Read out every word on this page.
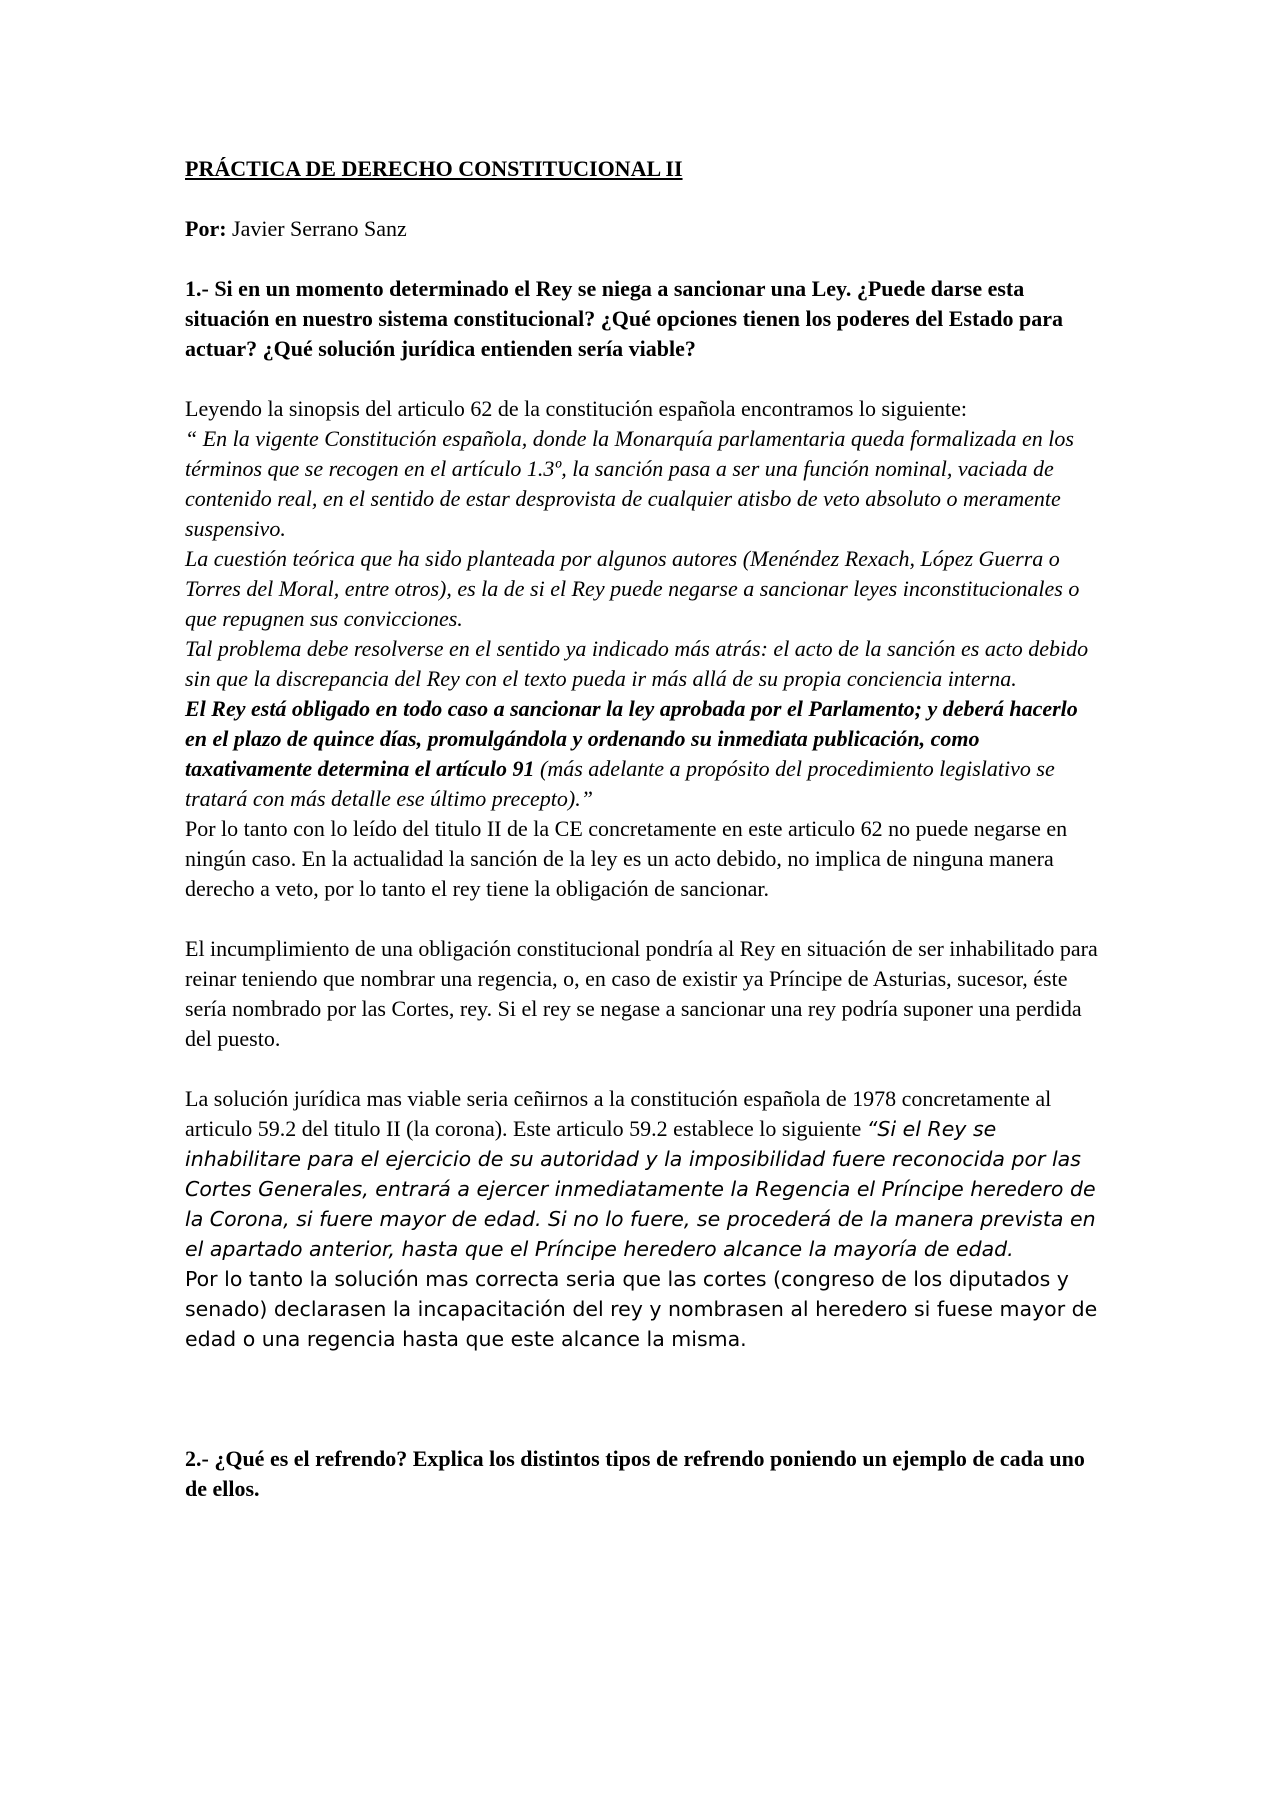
PRÁCTICA DE DERECHO CONSTITUCIONAL II

Por: Javier Serrano Sanz

1.- Si en un momento determinado el Rey se niega a sancionar una Ley. ¿Puede darse esta situación en nuestro sistema constitucional? ¿Qué opciones tienen los poderes del Estado para actuar? ¿Qué solución jurídica entienden sería viable?

Leyendo la sinopsis del articulo 62 de la constitución española encontramos lo siguiente:

“ En la vigente Constitución española, donde la Monarquía parlamentaria queda formalizada en los términos que se recogen en el artículo 1.3º, la sanción pasa a ser una función nominal, vaciada de contenido real, en el sentido de estar desprovista de cualquier atisbo de veto absoluto o meramente suspensivo.

La cuestión teórica que ha sido planteada por algunos autores (Menéndez Rexach, López Guerra o Torres del Moral, entre otros), es la de si el Rey puede negarse a sancionar leyes inconstitucionales o que repugnen sus convicciones.

Tal problema debe resolverse en el sentido ya indicado más atrás: el acto de la sanción es acto debido sin que la discrepancia del Rey con el texto pueda ir más allá de su propia conciencia interna.

El Rey está obligado en todo caso a sancionar la ley aprobada por el Parlamento; y deberá hacerlo en el plazo de quince días, promulgándola y ordenando su inmediata publicación, como taxativamente determina el artículo 91 (más adelante a propósito del procedimiento legislativo se tratará con más detalle ese último precepto).”

Por lo tanto con lo leído del titulo II de la CE concretamente en este articulo 62 no puede negarse en ningún caso. En la actualidad la sanción de la ley es un acto debido, no implica de ninguna manera derecho a veto, por lo tanto el rey tiene la obligación de sancionar.

El incumplimiento de una obligación constitucional pondría al Rey en situación de ser inhabilitado para reinar teniendo que nombrar una regencia, o, en caso de existir ya Príncipe de Asturias, sucesor, éste sería nombrado por las Cortes, rey. Si el rey se negase a sancionar una rey podría suponer una perdida del puesto.

La solución jurídica mas viable seria ceñirnos a la constitución española de 1978 concretamente al articulo 59.2 del titulo II (la corona). Este articulo 59.2 establece lo siguiente “Si el Rey se inhabilitare para el ejercicio de su autoridad y la imposibilidad fuere reconocida por las Cortes Generales, entrará a ejercer inmediatamente la Regencia el Príncipe heredero de la Corona, si fuere mayor de edad. Si no lo fuere, se procederá de la manera prevista en el apartado anterior, hasta que el Príncipe heredero alcance la mayoría de edad.

Por lo tanto la solución mas correcta seria que las cortes (congreso de los diputados y senado) declarasen la incapacitación del rey y nombrasen al heredero si fuese mayor de edad o una regencia hasta que este alcance la misma.

2.- ¿Qué es el refrendo? Explica los distintos tipos de refrendo poniendo un ejemplo de cada uno de ellos.
